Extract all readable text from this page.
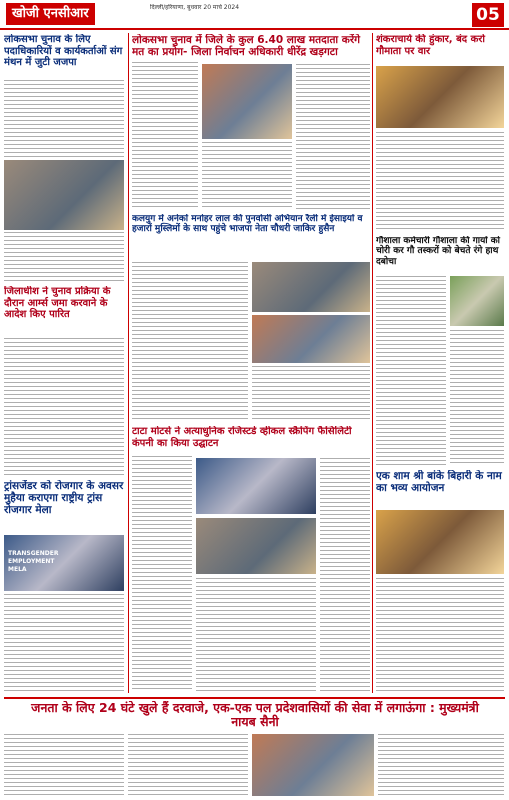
खोजी एनसीआर	दिल्ली/हरियाणा, बुधवार 20 मार्च 2024	05
लोकसभा चुनाव के लिए पदाधिकारियों व कार्यकर्ताओं संग मंथन में जुटी जजपा
जिलाधीश ने चुनाव प्रक्रिया के दौरान आर्म्स जमा करवाने के आदेश किए पारित
ट्रांसजेंडर को रोजगार के अवसर मुहैया कराएगा राष्ट्रीय ट्रांस रोजगार मेला
TRANSGENDER EMPLOYMENT MELA
लोकसभा चुनाव में जिले के कुल 6.40 लाख मतदाता करेंगे मत का प्रयोग- जिला निर्वाचन अधिकारी धीरेंद्र खड़गटा
शंकराचार्य की हुंकार, बंद करो गौमाता पर वार
गौशाला कर्मचारी गौशाला की गायों को चोरी कर गौ तस्करों को बेचते रंगे हाथ दबोचा
कलयुग में अनेकों मनोहर लाल की पुनर्वासी अभियान रैली में ईसाइयों व हजारों मुस्लिमों के साथ पहुंचे भाजपा नेता चौधरी जाकिर हुसैन
टाटा मोटर्स ने अत्याधुनिक रजिस्टर्ड व्हीकल स्क्रैपिंग फैसिलिटी कंपनी का किया उद्घाटन
एक शाम श्री बांके बिहारी के नाम का भव्य आयोजन
जनता के लिए 24 घंटे खुले हैं दरवाजे, एक-एक पल प्रदेशवासियों की सेवा में लगाऊंगा : मुख्यमंत्री नायब सैनी
